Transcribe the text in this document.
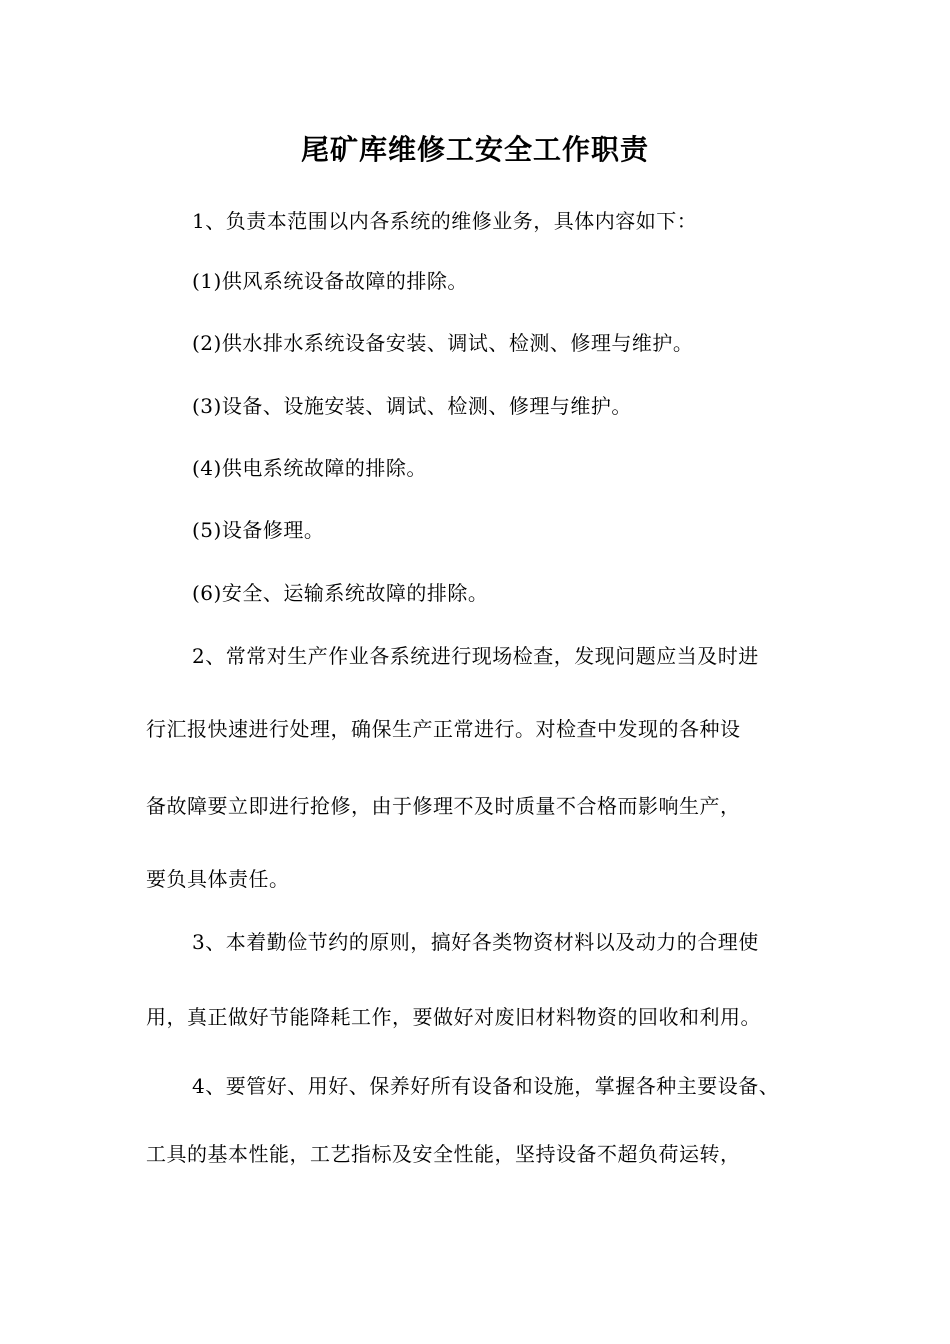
尾矿库维修工安全工作职责
1、负责本范围以内各系统的维修业务，具体内容如下：
(1)供风系统设备故障的排除。
(2)供水排水系统设备安装、调试、检测、修理与维护。
(3)设备、设施安装、调试、检测、修理与维护。
(4)供电系统故障的排除。
(5)设备修理。
(6)安全、运输系统故障的排除。
2、常常对生产作业各系统进行现场检查，发现问题应当及时进
行汇报快速进行处理，确保生产正常进行。对检查中发现的各种设
备故障要立即进行抢修，由于修理不及时质量不合格而影响生产，
要负具体责任。
3、本着勤俭节约的原则，搞好各类物资材料以及动力的合理使
用，真正做好节能降耗工作，要做好对废旧材料物资的回收和利用。
4、要管好、用好、保养好所有设备和设施，掌握各种主要设备、
工具的基本性能，工艺指标及安全性能，坚持设备不超负荷运转，
